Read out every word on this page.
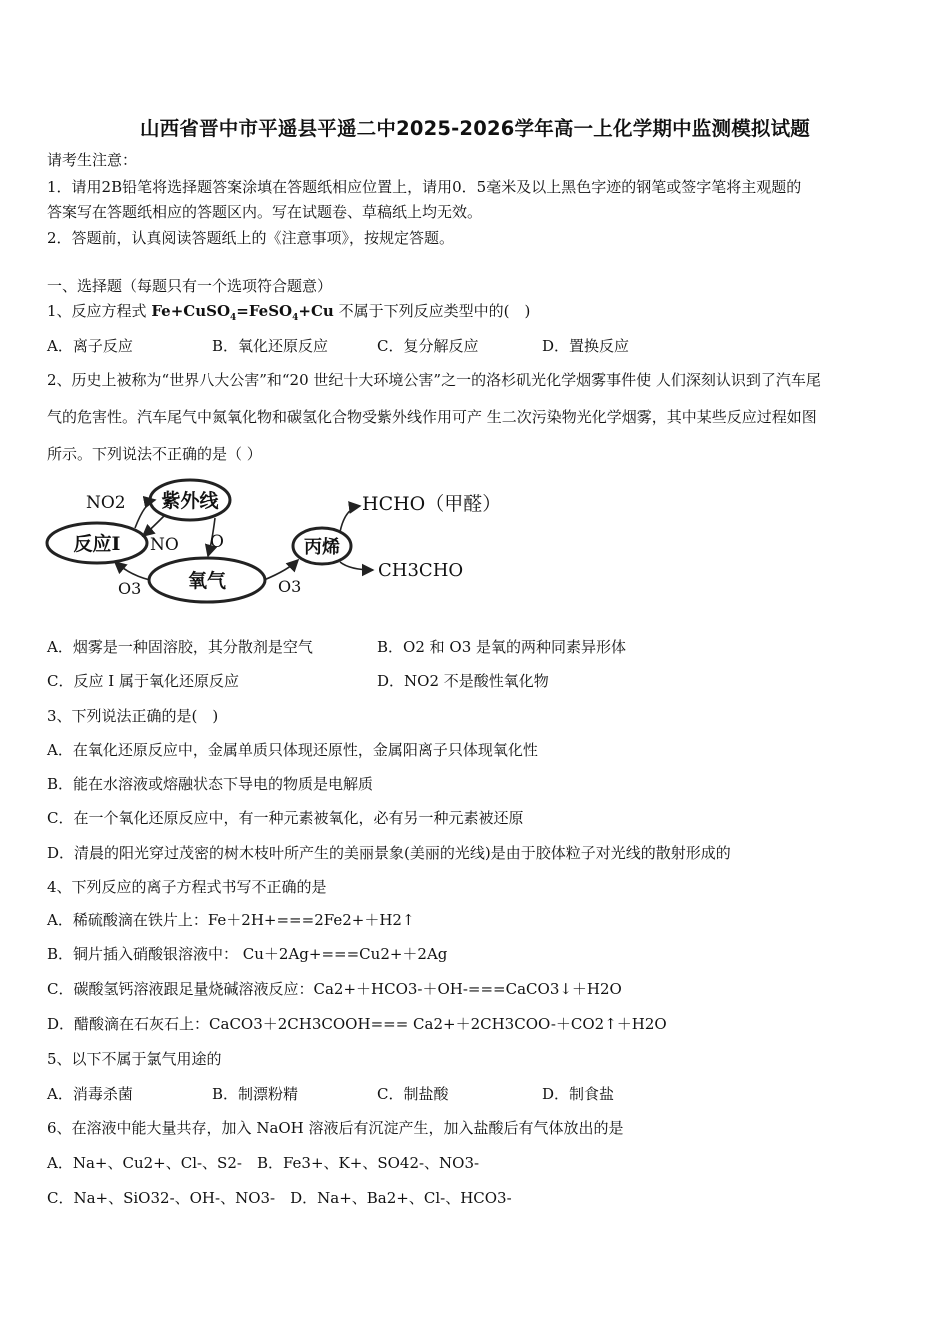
山西省晋中市平遥县平遥二中2025-2026学年高一上化学期中监测模拟试题
请考生注意：
1．请用2B铅笔将选择题答案涂填在答题纸相应位置上，请用0．5毫米及以上黑色字迹的钢笔或签字笔将主观题的
答案写在答题纸相应的答题区内。写在试题卷、草稿纸上均无效。
2．答题前，认真阅读答题纸上的《注意事项》，按规定答题。
一、选择题（每题只有一个选项符合题意）
1、反应方程式 Fe+CuSO$_4$=FeSO$_4$+Cu 不属于下列反应类型中的(　)
A．离子反应	B．氧化还原反应	C．复分解反应	D．置换反应
2、历史上被称为“世界八大公害”和“20 世纪十大环境公害”之一的洛杉矶光化学烟雾事件使 人们深刻认识到了汽车尾
气的危害性。汽车尾气中氮氧化物和碳氢化合物受紫外线作用可产 生二次污染物光化学烟雾，其中某些反应过程如图
所示。下列说法不正确的是（ ）
紫外线
反应I
氧气
丙烯
NO2
NO O
O3	O3
HCHO（甲醛）
CH3CHO
A．烟雾是一种固溶胶，其分散剂是空气	B．O2 和 O3 是氧的两种同素异形体
C．反应 I 属于氧化还原反应	D．NO2 不是酸性氧化物
3、下列说法正确的是(　)
A．在氧化还原反应中，金属单质只体现还原性，金属阳离子只体现氧化性
B．能在水溶液或熔融状态下导电的物质是电解质
C．在一个氧化还原反应中，有一种元素被氧化，必有另一种元素被还原
D．清晨的阳光穿过茂密的树木枝叶所产生的美丽景象(美丽的光线)是由于胶体粒子对光线的散射形成的
4、下列反应的离子方程式书写不正确的是
A．稀硫酸滴在铁片上：Fe＋2H+===2Fe2+＋H2↑
B．铜片插入硝酸银溶液中： Cu＋2Ag+===Cu2+＋2Ag
C．碳酸氢钙溶液跟足量烧碱溶液反应：Ca2+＋HCO3-＋OH-===CaCO3↓＋H2O
D．醋酸滴在石灰石上：CaCO3＋2CH3COOH=== Ca2+＋2CH3COO-＋CO2↑＋H2O
5、以下不属于氯气用途的
A．消毒杀菌	B．制漂粉精	C．制盐酸	D．制食盐
6、在溶液中能大量共存，加入 NaOH 溶液后有沉淀产生，加入盐酸后有气体放出的是
A．Na+、Cu2+、Cl-、S2-　B．Fe3+、K+、SO42-、NO3-
C．Na+、SiO32-、OH-、NO3-　D．Na+、Ba2+、Cl-、HCO3-
